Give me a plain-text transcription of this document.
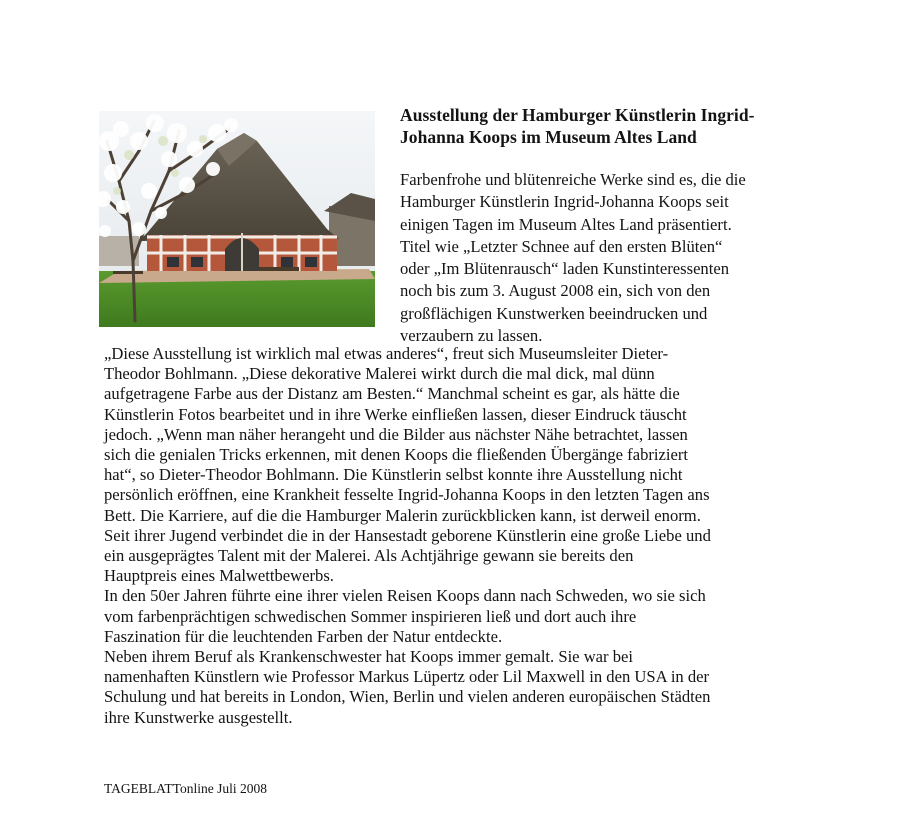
Ausstellung der Hamburger Künstlerin Ingrid-
Johanna Koops im Museum Altes Land

Farbenfrohe und blütenreiche Werke sind es, die die
Hamburger Künstlerin Ingrid-Johanna Koops seit
einigen Tagen im Museum Altes Land präsentiert.
Titel wie „Letzter Schnee auf den ersten Blüten“
oder „Im Blütenrausch“ laden Kunstinteressenten
noch bis zum 3. August 2008 ein, sich von den
großflächigen Kunstwerken beeindrucken und
verzaubern zu lassen.

„Diese Ausstellung ist wirklich mal etwas anderes“, freut sich Museumsleiter Dieter-
Theodor Bohlmann. „Diese dekorative Malerei wirkt durch die mal dick, mal dünn
aufgetragene Farbe aus der Distanz am Besten.“ Manchmal scheint es gar, als hätte die
Künstlerin Fotos bearbeitet und in ihre Werke einfließen lassen, dieser Eindruck täuscht
jedoch. „Wenn man näher herangeht und die Bilder aus nächster Nähe betrachtet, lassen
sich die genialen Tricks erkennen, mit denen Koops die fließenden Übergänge fabriziert
hat“, so Dieter-Theodor Bohlmann. Die Künstlerin selbst konnte ihre Ausstellung nicht
persönlich eröffnen, eine Krankheit fesselte Ingrid-Johanna Koops in den letzten Tagen ans
Bett. Die Karriere, auf die die Hamburger Malerin zurückblicken kann, ist derweil enorm.
Seit ihrer Jugend verbindet die in der Hansestadt geborene Künstlerin eine große Liebe und
ein ausgeprägtes Talent mit der Malerei. Als Achtjährige gewann sie bereits den
Hauptpreis eines Malwettbewerbs.
In den 50er Jahren führte eine ihrer vielen Reisen Koops dann nach Schweden, wo sie sich
vom farbenprächtigen schwedischen Sommer inspirieren ließ und dort auch ihre
Faszination für die leuchtenden Farben der Natur entdeckte.
Neben ihrem Beruf als Krankenschwester hat Koops immer gemalt. Sie war bei
namenhaften Künstlern wie Professor Markus Lüpertz oder Lil Maxwell in den USA in der
Schulung und hat bereits in London, Wien, Berlin und vielen anderen europäischen Städten
ihre Kunstwerke ausgestellt.

TAGEBLATTonline Juli 2008
